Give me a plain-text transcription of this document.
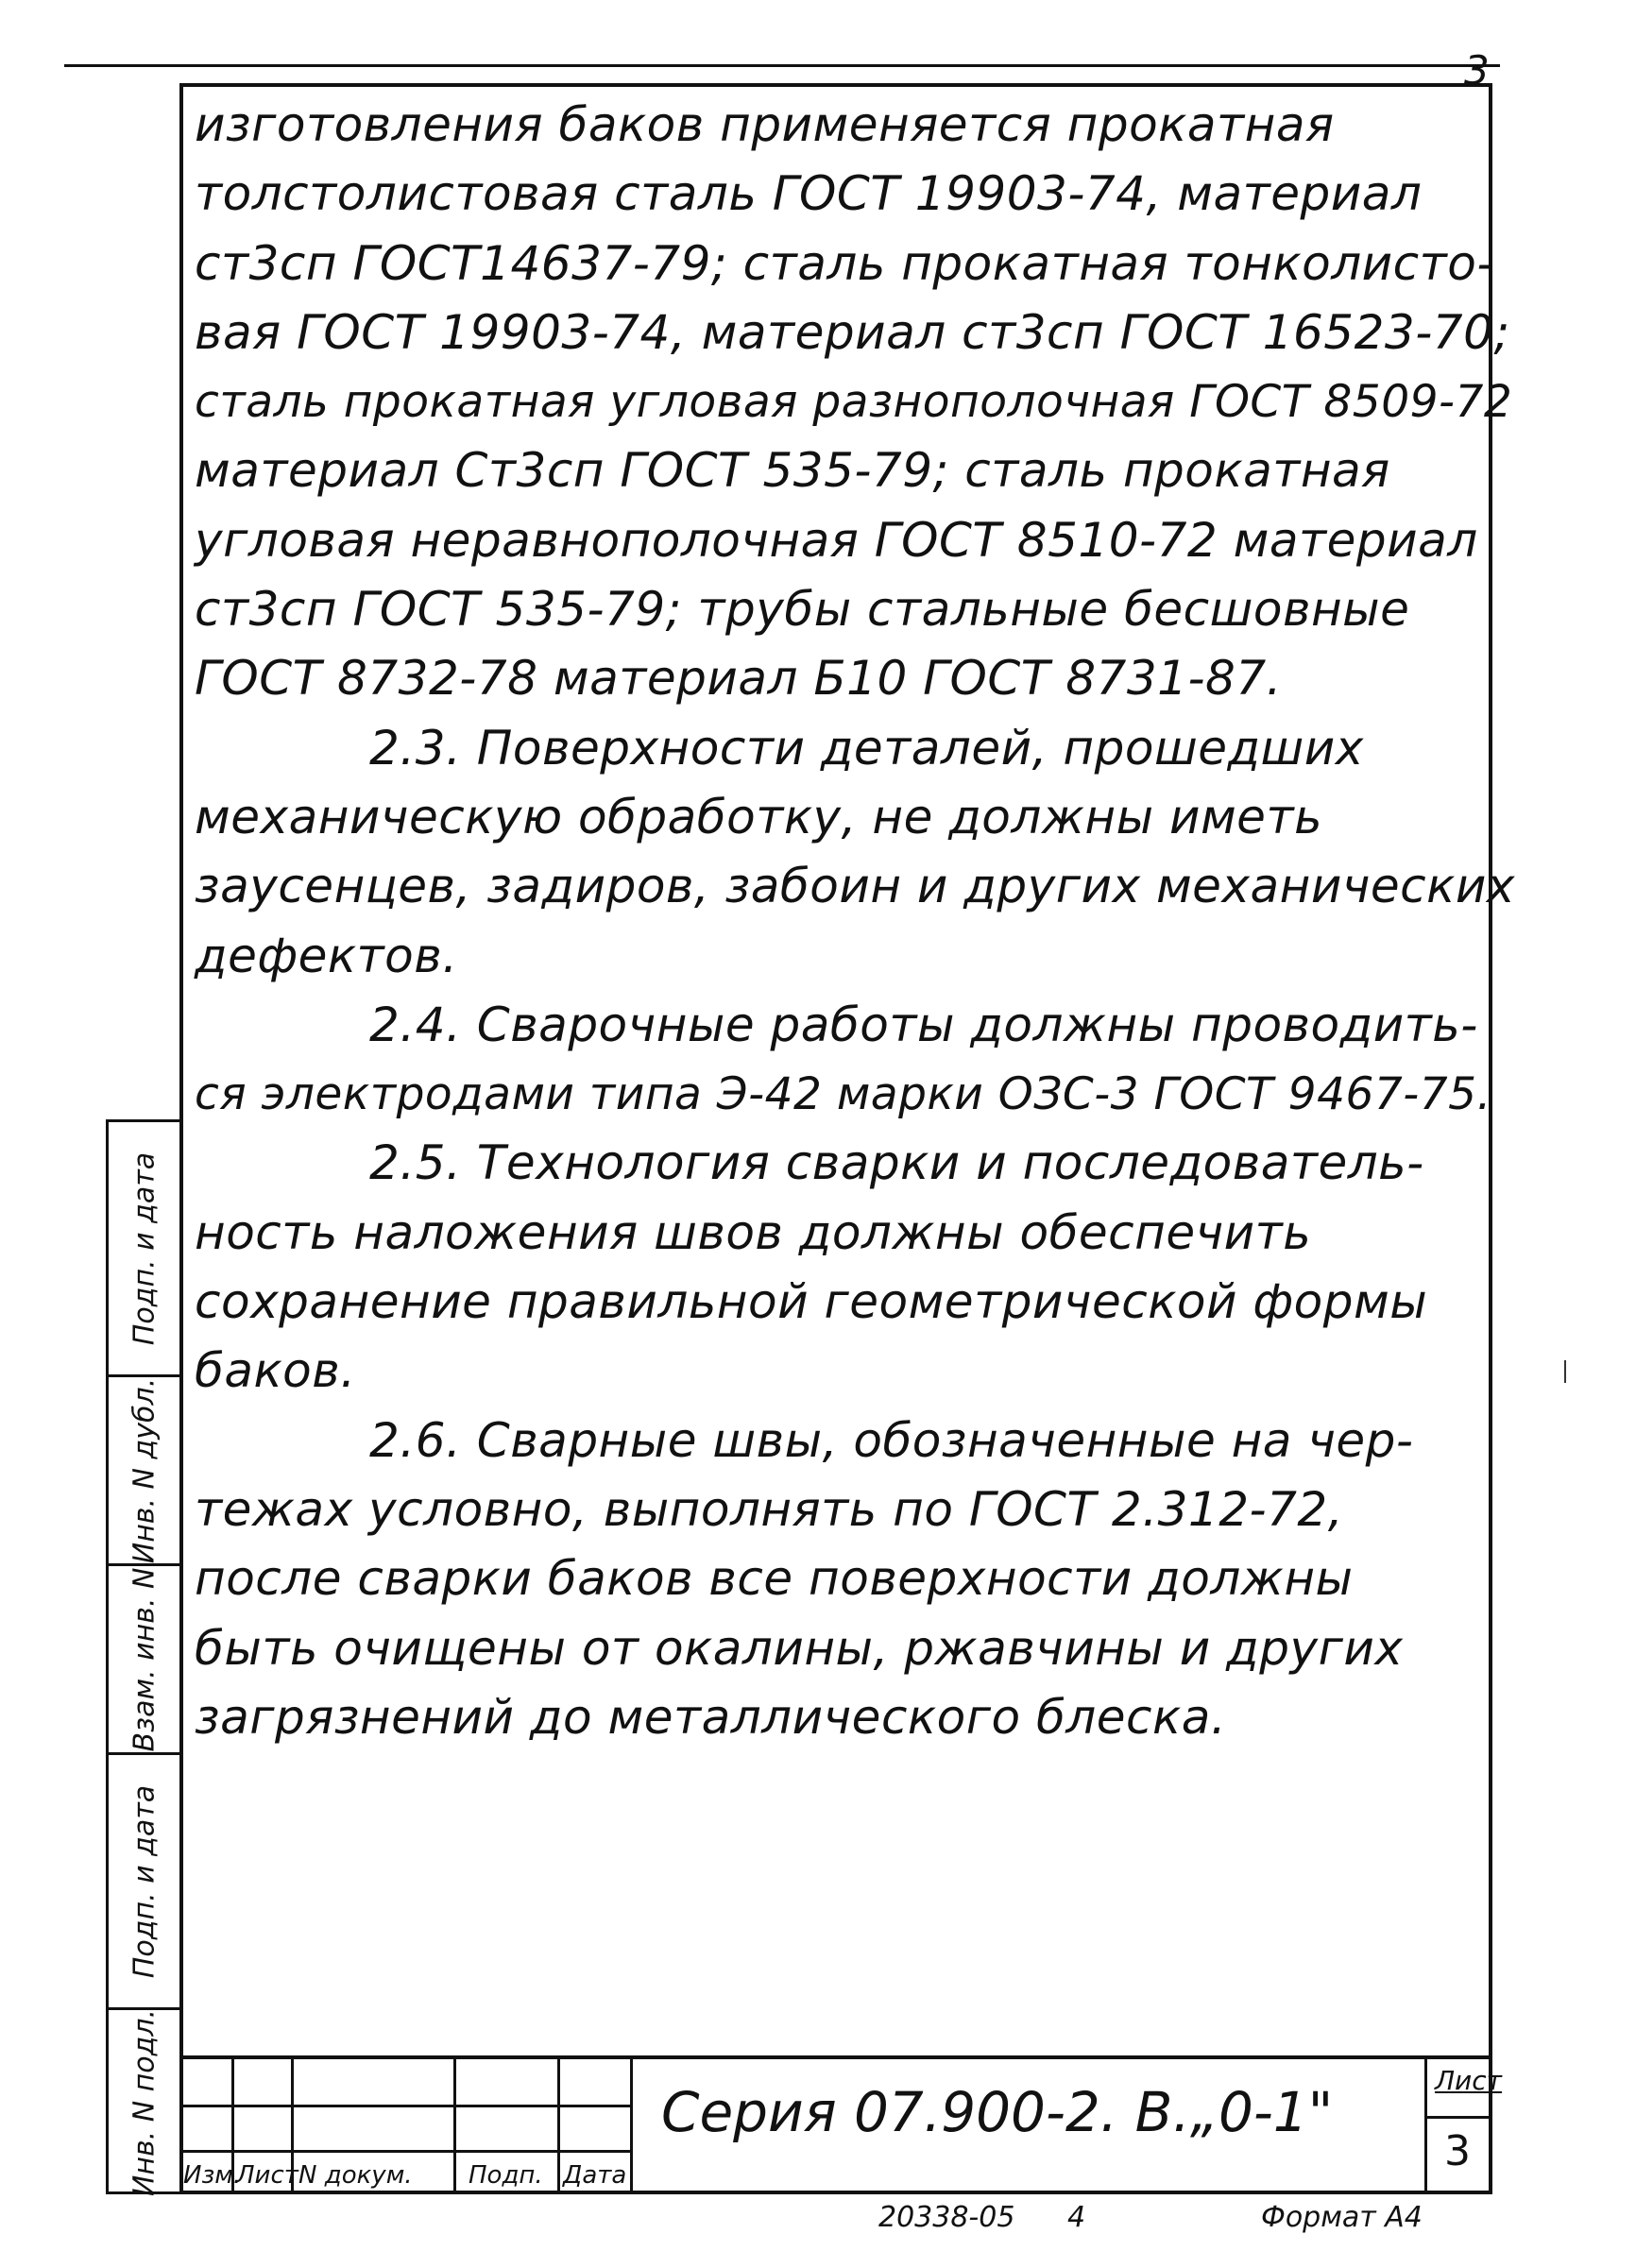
3
изготовления баков применяется прокатная
толстолистовая сталь ГОСТ 19903-74, материал
ст3сп ГОСТ14637-79; сталь прокатная тонколисто-
вая ГОСТ 19903-74, материал ст3сп ГОСТ 16523-70;
сталь прокатная угловая разнополочная ГОСТ 8509-72
материал Ст3сп ГОСТ 535-79; сталь прокатная
угловая неравнополочная ГОСТ 8510-72 материал
ст3сп ГОСТ 535-79; трубы стальные бесшовные
ГОСТ 8732-78 материал Б10 ГОСТ 8731-87.
2.3. Поверхности деталей, прошедших
механическую обработку, не должны иметь
заусенцев, задиров, забоин и других механических
дефектов.
2.4. Сварочные работы должны проводить-
ся электродами типа Э-42 марки ОЗС-3 ГОСТ 9467-75.
2.5. Технология сварки и последователь-
ность наложения швов должны обеспечить
сохранение правильной геометрической формы
баков.
2.6. Сварные швы, обозначенные на чер-
тежах условно, выполнять по ГОСТ 2.312-72,
после сварки баков все поверхности должны
быть очищены от окалины, ржавчины и других
загрязнений до металлического блеска.
Подп. и дата
Инв. N дубл.
Взам. инв. N
Подп. и дата
Инв. N подл. Изм.
Лист N докум. Подп. Дата
Серия 07.900-2. В.„0-1"	Лист
3
20338-05 4	Формат А4
